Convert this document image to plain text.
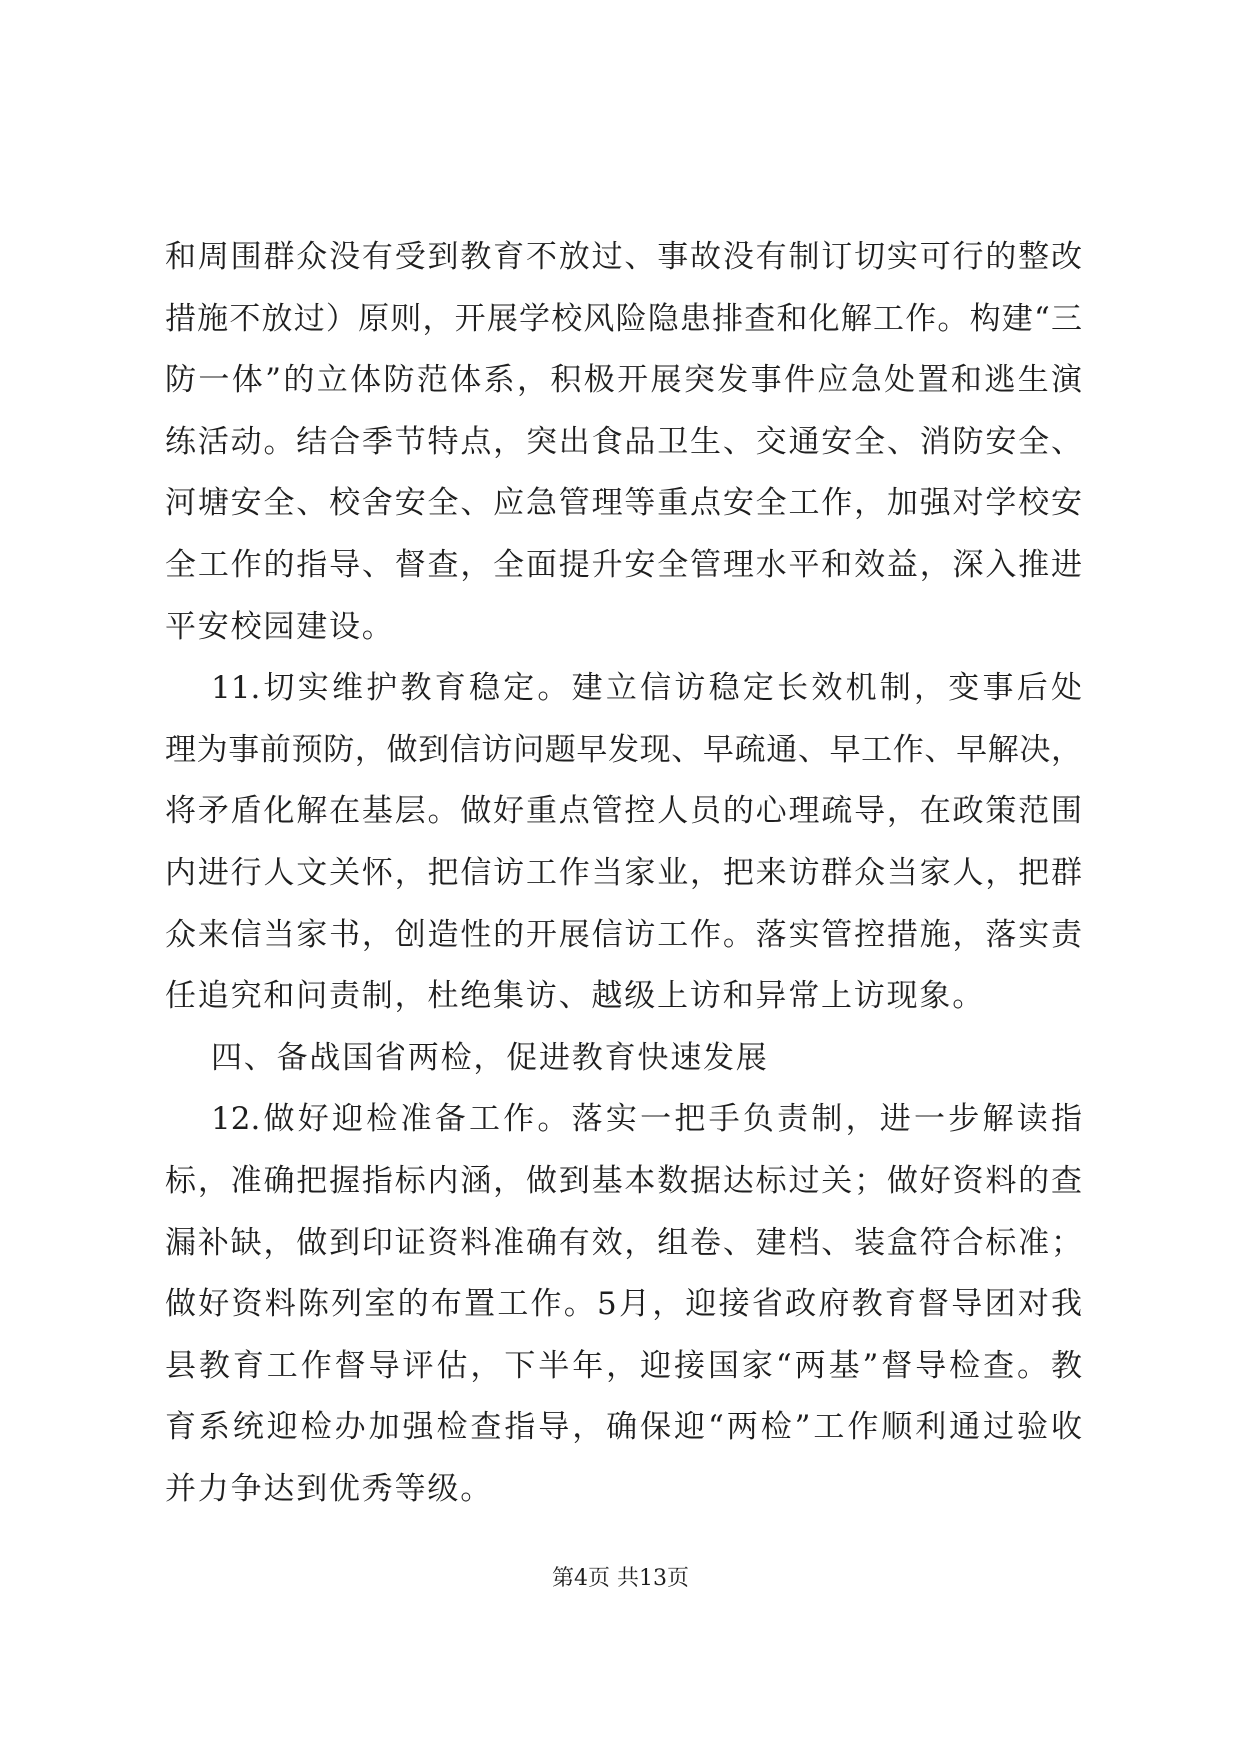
和周围群众没有受到教育不放过、事故没有制订切实可行的整改
措施不放过）原则，开展学校风险隐患排查和化解工作。构建“三
防一体”的立体防范体系，积极开展突发事件应急处置和逃生演
练活动。结合季节特点，突出食品卫生、交通安全、消防安全、
河塘安全、校舍安全、应急管理等重点安全工作，加强对学校安
全工作的指导、督查，全面提升安全管理水平和效益，深入推进
平安校园建设。
11.切实维护教育稳定。建立信访稳定长效机制，变事后处
理为事前预防，做到信访问题早发现、早疏通、早工作、早解决，
将矛盾化解在基层。做好重点管控人员的心理疏导，在政策范围
内进行人文关怀，把信访工作当家业，把来访群众当家人，把群
众来信当家书，创造性的开展信访工作。落实管控措施，落实责
任追究和问责制，杜绝集访、越级上访和异常上访现象。
四、备战国省两检，促进教育快速发展
12.做好迎检准备工作。落实一把手负责制，进一步解读指
标，准确把握指标内涵，做到基本数据达标过关；做好资料的查
漏补缺，做到印证资料准确有效，组卷、建档、装盒符合标准；
做好资料陈列室的布置工作。5月，迎接省政府教育督导团对我
县教育工作督导评估，下半年，迎接国家“两基”督导检查。教
育系统迎检办加强检查指导，确保迎“两检”工作顺利通过验收
并力争达到优秀等级。
第4页 共13页
